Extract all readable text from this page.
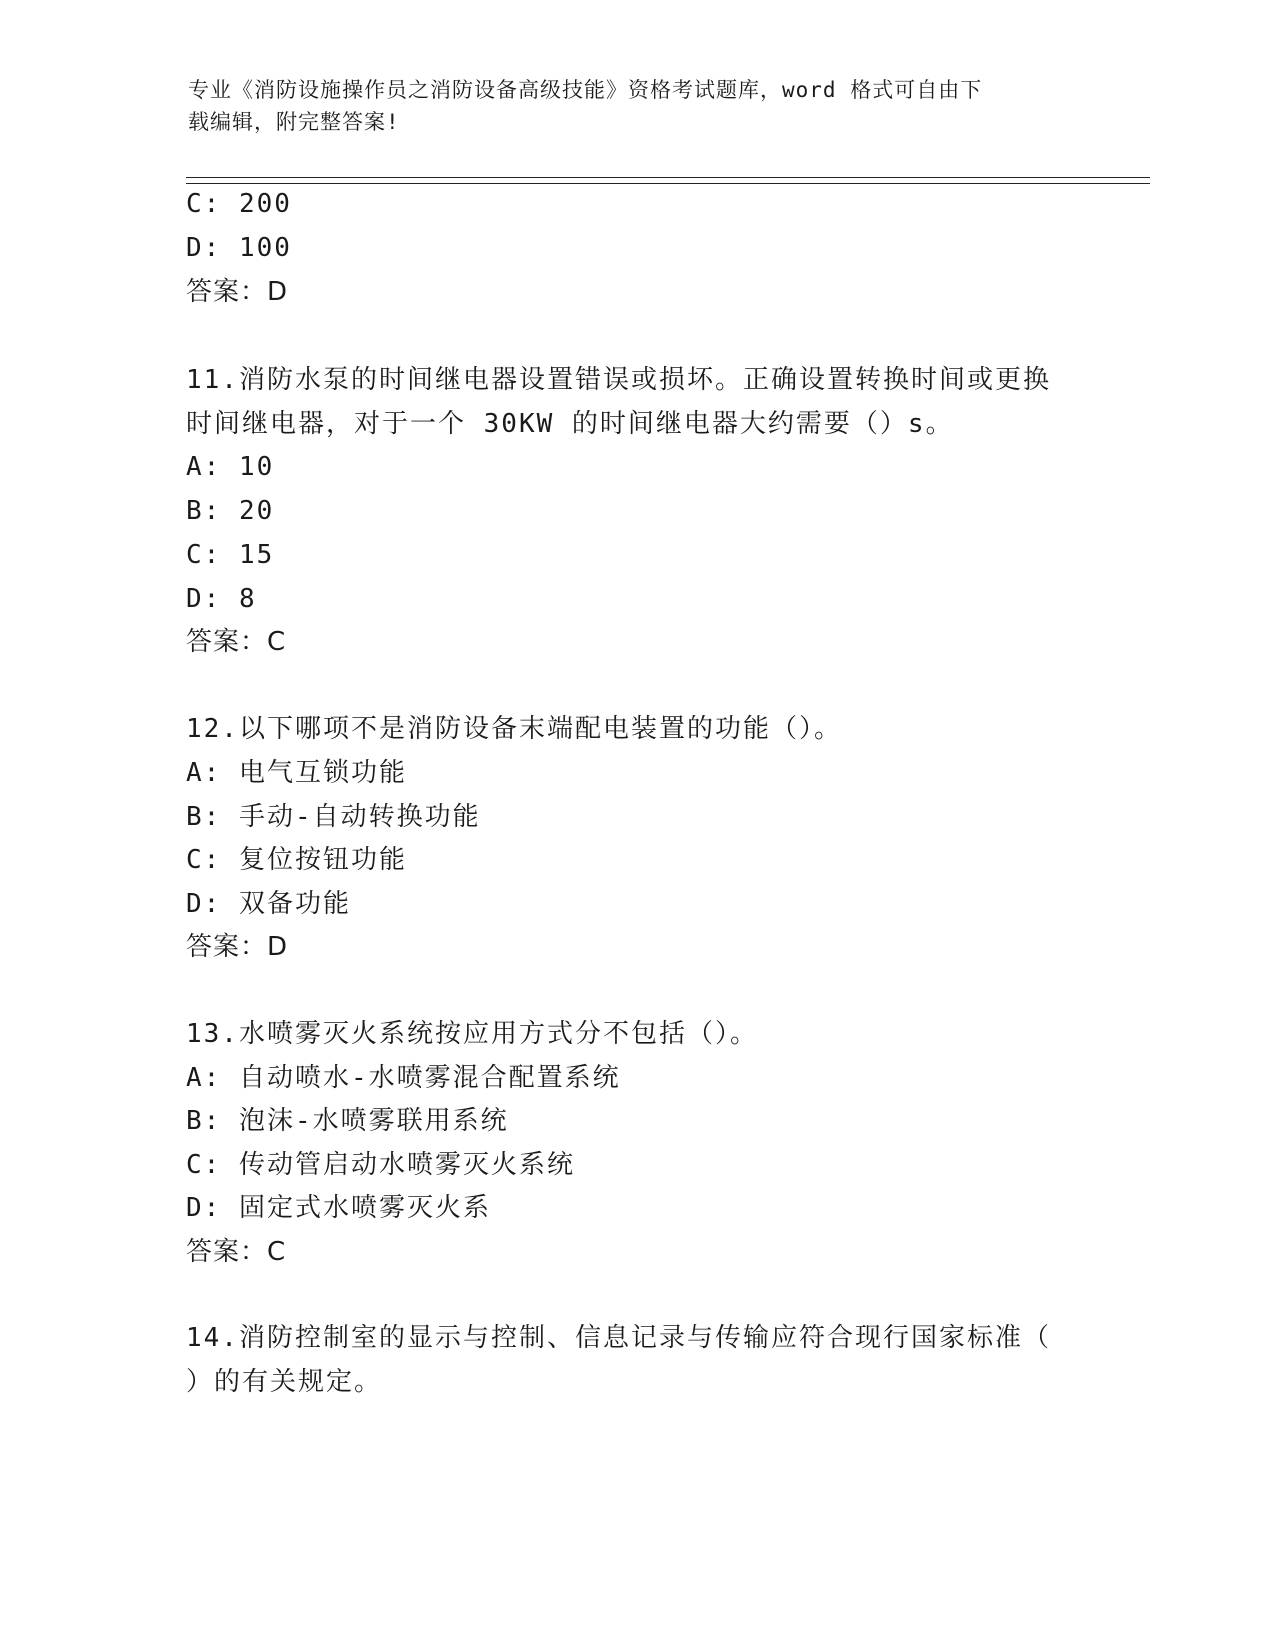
专业《消防设施操作员之消防设备高级技能》资格考试题库，word 格式可自由下
载编辑，附完整答案!
C: 200
D: 100
答案：D
11.消防水泵的时间继电器设置错误或损坏。正确设置转换时间或更换
时间继电器，对于一个 30KW 的时间继电器大约需要（）s。
A: 10
B: 20
C: 15
D: 8
答案：C
12.以下哪项不是消防设备末端配电装置的功能（）。
A: 电气互锁功能
B: 手动-自动转换功能
C: 复位按钮功能
D: 双备功能
答案：D
13.水喷雾灭火系统按应用方式分不包括（）。
A: 自动喷水-水喷雾混合配置系统
B: 泡沫-水喷雾联用系统
C: 传动管启动水喷雾灭火系统
D: 固定式水喷雾灭火系
答案：C
14.消防控制室的显示与控制、信息记录与传输应符合现行国家标准（
）的有关规定。
